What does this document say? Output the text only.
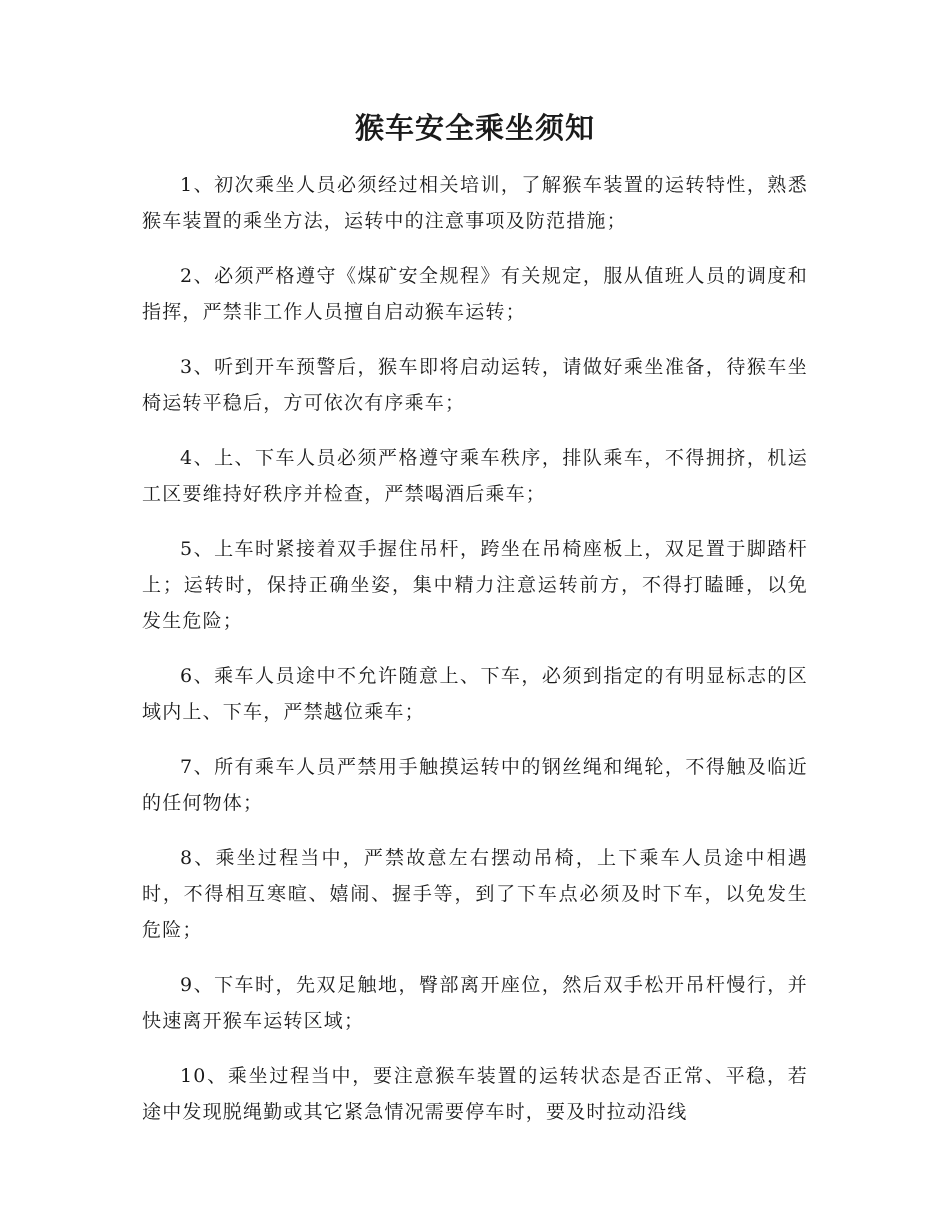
猴车安全乘坐须知

1、初次乘坐人员必须经过相关培训，了解猴车装置的运转特性，熟悉猴车装置的乘坐方法，运转中的注意事项及防范措施；

2、必须严格遵守《煤矿安全规程》有关规定，服从值班人员的调度和指挥，严禁非工作人员擅自启动猴车运转；

3、听到开车预警后，猴车即将启动运转，请做好乘坐准备，待猴车坐椅运转平稳后，方可依次有序乘车；

4、上、下车人员必须严格遵守乘车秩序，排队乘车，不得拥挤，机运工区要维持好秩序并检查，严禁喝酒后乘车；

5、上车时紧接着双手握住吊杆，跨坐在吊椅座板上，双足置于脚踏杆上；运转时，保持正确坐姿，集中精力注意运转前方，不得打瞌睡，以免发生危险；

6、乘车人员途中不允许随意上、下车，必须到指定的有明显标志的区域内上、下车，严禁越位乘车；

7、所有乘车人员严禁用手触摸运转中的钢丝绳和绳轮，不得触及临近的任何物体；

8、乘坐过程当中，严禁故意左右摆动吊椅，上下乘车人员途中相遇时，不得相互寒暄、嬉闹、握手等，到了下车点必须及时下车，以免发生危险；

9、下车时，先双足触地，臀部离开座位，然后双手松开吊杆慢行，并快速离开猴车运转区域；

10、乘坐过程当中，要注意猴车装置的运转状态是否正常、平稳，若途中发现脱绳勤或其它紧急情况需要停车时，要及时拉动沿线
